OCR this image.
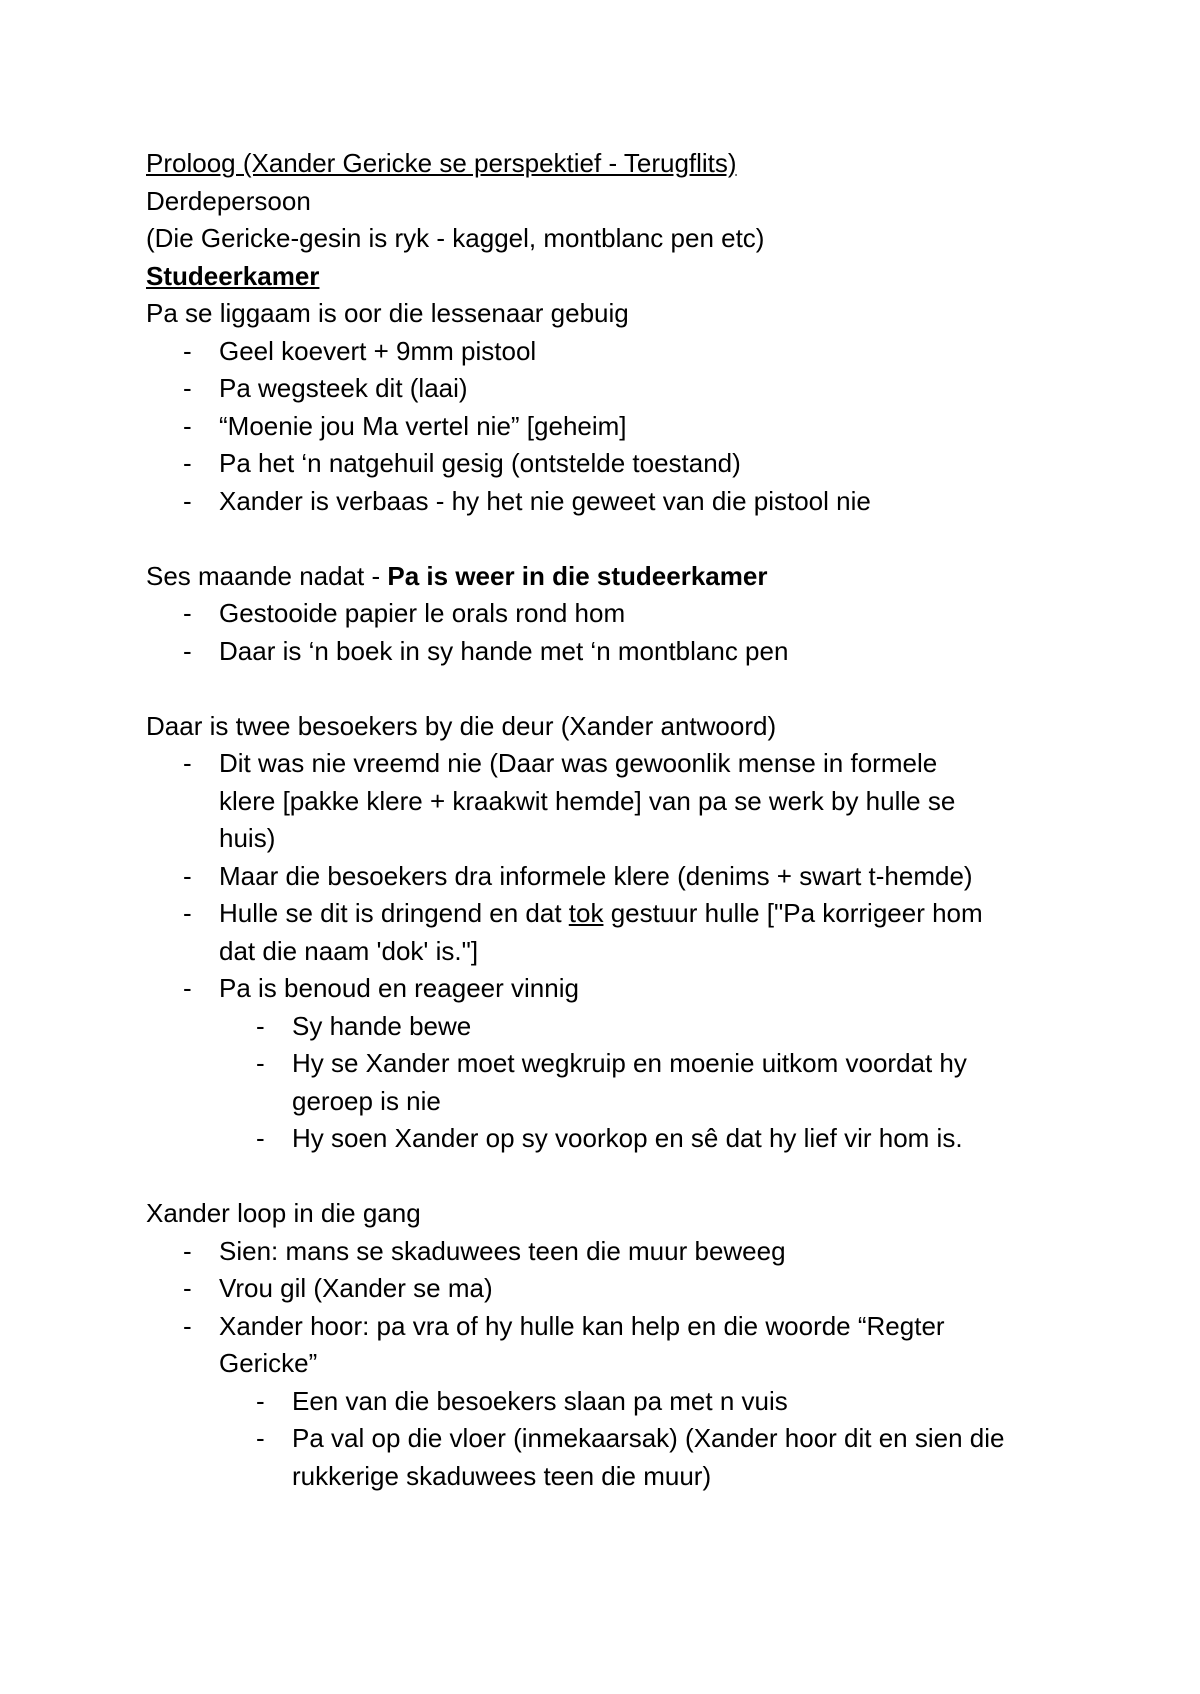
Proloog (Xander Gericke se perspektief - Terugflits)

Derdepersoon

(Die Gericke-gesin is ryk - kaggel, montblanc pen etc)

Studeerkamer

Pa se liggaam is oor die lessenaar gebuig

- Geel koevert + 9mm pistool
- Pa wegsteek dit (laai)
- “Moenie jou Ma vertel nie” [geheim]
- Pa het ‘n natgehuil gesig (ontstelde toestand)
- Xander is verbaas - hy het nie geweet van die pistool nie

Ses maande nadat - Pa is weer in die studeerkamer

- Gestooide papier le orals rond hom
- Daar is ‘n boek in sy hande met ‘n montblanc pen

Daar is twee besoekers by die deur (Xander antwoord)

- Dit was nie vreemd nie (Daar was gewoonlik mense in formele klere [pakke klere + kraakwit hemde] van pa se werk by hulle se huis)
- Maar die besoekers dra informele klere (denims + swart t-hemde)
- Hulle se dit is dringend en dat tok gestuur hulle ["Pa korrigeer hom dat die naam 'dok' is."]
- Pa is benoud en reageer vinnig
- Sy hande bewe
- Hy se Xander moet wegkruip en moenie uitkom voordat hy geroep is nie
- Hy soen Xander op sy voorkop en sê dat hy lief vir hom is.

Xander loop in die gang

- Sien: mans se skaduwees teen die muur beweeg
- Vrou gil (Xander se ma)
- Xander hoor: pa vra of hy hulle kan help en die woorde “Regter Gericke”
- Een van die besoekers slaan pa met n vuis
- Pa val op die vloer (inmekaarsak) (Xander hoor dit en sien die rukkerige skaduwees teen die muur)
